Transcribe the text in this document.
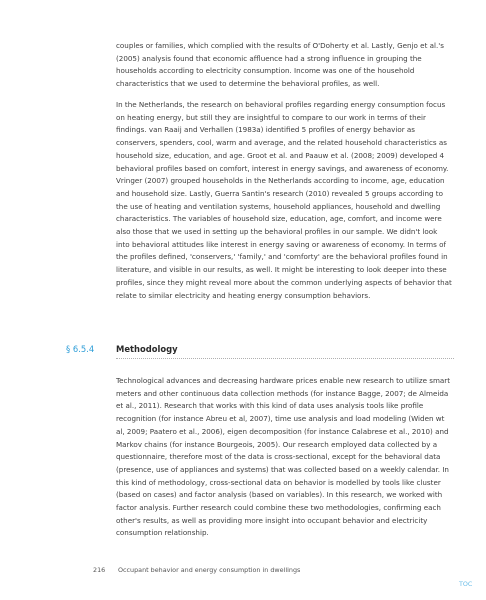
couples or families, which complied with the results of O'Doherty et al. Lastly, Genjo et al.'s (2005) analysis found that economic affluence had a strong influence in grouping the households according to electricity consumption. Income was one of the household characteristics that we used to determine the behavioral profiles, as well.

In the Netherlands, the research on behavioral profiles regarding energy consumption focus on heating energy, but still they are insightful to compare to our work in terms of their findings. van Raaij and Verhallen (1983a) identified 5 profiles of energy behavior as conservers, spenders, cool, warm and average, and the related household characteristics as household size, education, and age. Groot et al. and Paauw et al. (2008; 2009) developed 4 behavioral profiles based on comfort, interest in energy savings, and awareness of economy. Vringer (2007) grouped households in the Netherlands according to income, age, education and household size. Lastly, Guerra Santin's research (2010) revealed 5 groups according to the use of heating and ventilation systems, household appliances, household and dwelling characteristics. The variables of household size, education, age, comfort, and income were also those that we used in setting up the behavioral profiles in our sample. We didn't look into behavioral attitudes like interest in energy saving or awareness of economy. In terms of the profiles defined, 'conservers,' 'family,' and 'comforty' are the behavioral profiles found in literature, and visible in our results, as well. It might be interesting to look deeper into these profiles, since they might reveal more about the common underlying aspects of behavior that relate to similar electricity and heating energy consumption behaviors.

§ 6.5.4	Methodology

Technological advances and decreasing hardware prices enable new research to utilize smart meters and other continuous data collection methods (for instance Bagge, 2007; de Almeida et al., 2011). Research that works with this kind of data uses analysis tools like profile recognition (for instance Abreu et al, 2007), time use analysis and load modeling (Widen wt al, 2009; Paatero et al., 2006), eigen decomposition (for instance Calabrese et al., 2010) and Markov chains (for instance Bourgeois, 2005). Our research employed data collected by a questionnaire, therefore most of the data is cross-sectional, except for the behavioral data (presence, use of appliances and systems) that was collected based on a weekly calendar. In this kind of methodology, cross-sectional data on behavior is modelled by tools like cluster (based on cases) and factor analysis (based on variables). In this research, we worked with factor analysis. Further research could combine these two methodologies, confirming each other's results, as well as providing more insight into occupant behavior and electricity consumption relationship.

216 Occupant behavior and energy consumption in dwellings
TOC
